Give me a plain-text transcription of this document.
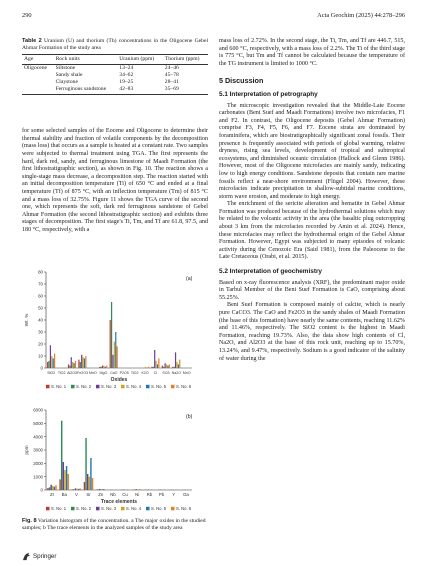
290	Acta Geochim (2025) 44:278–296
Table 2 Uranium (U) and thorium (Th) concentrations in the Oligocene Gebel Ahmar Formation of the study area
Age	Rock units	Uranium (ppm)	Thorium (ppm)
Oligocene	Siltstone	13–24	24–46
	Sandy shale	34–62	45–78
	Claystone	19–25	28–41
	Ferruginous sandstone	42–83	35–69

for some selected samples of the Eocene and Oligocene to determine their thermal stability and fraction of volatile components by the decomposition (mass loss) that occurs as a sample is heated at a constant rate. Two samples were subjected to thermal treatment using TGA. The first represents the hard, dark red, sandy, and ferruginous limestone of Maadi Formation (the first lithostratigraphic section), as shown in Fig. 10. The reaction shows a single-stage mass decrease, a decomposition step. The reaction started with an initial decomposition temperature (Ti) of 650 °C and ended at a final temperature (Tf) of 875 °C, with an inflection temperature (Tm) of 815 °C and a mass loss of 32.75%. Figure 11 shows the TGA curve of the second one, which represents the soft, dark red ferruginous sandstone of Gebel Ahmar Formation (the second lithostratigraphic section) and exhibits three stages of decomposition. The first stage's Ti, Tm, and Tf are 61.8, 97.5, and 180 °C, respectively, with a

0
10
20
30
40
50
60
70
80
Wt. %
(a)
SiO2 TiO2 Al2O3 Fe2O3 MnO MgO CaO P2O5 TiO2 K2O Cl SO3 Na2O MnO
Oxides
S. No. 1 S. No. 2 S. No. 3 S. No. 4 S. No. 5 S. No. 6
0
1000
2000
3000
4000
5000
6000
ppm
(b)
Zr Ba V Sr Zn Nb Cu Ni Rb Pb Y Ga
Trace elements
S. No. 1 S. No. 2 S. No. 3 S. No. 4 S. No. 5 S. No. 6
Fig. 8 Variation histogram of the concentration. a The major oxides in the studied samples; b The trace elements in the analyzed samples of the study area
Springer

mass loss of 2.72%. In the second stage, the Ti, Tm, and Tf are 446.7, 515, and 600 °C, respectively, with a mass loss of 2.2%. The Ti of the third stage is 775 °C, but Tm and Tf cannot be calculated because the temperature of the TG instrument is limited to 1000 °C.

5 Discussion
5.1 Interpretation of petrography

The microscopic investigation revealed that the Middle-Late Eocene carbonates (Beni Suef and Maadi Formations) involve two microfacies, F1 and F2. In contrast, the Oligocene deposits (Gebel Ahmar Formation) comprise F3, F4, F5, F6, and F7. Eocene strata are dominated by foraminifera, which are biostratigraphically significant zonal fossils. Their presence is frequently associated with periods of global warming, relative dryness, rising sea levels, development of tropical and subtropical ecosystems, and diminished oceanic circulation (Hallock and Glenn 1986). However, most of the Oligocene microfacies are mainly sandy, indicating low to high energy conditions. Sandstone deposits that contain rare marine fossils reflect a near-shore environment (Flügel 2004). However, these microfacies indicate precipitation in shallow-subtidal marine conditions, storm wave erosion, and moderate to high energy.

The enrichment of the sericite alteration and hematite in Gebel Ahmar Formation was produced because of the hydrothermal solutions which may be related to the volcanic activity in the area (the basaltic plug outcropping about 3 km from the microfacies recorded by Amin et al. 2024). Hence, these microfacies may reflect the hydrothermal origin of the Gebel Ahmar Formation. However, Egypt was subjected to many episodes of volcanic activity during the Cenozoic Era (Said 1981), from the Paleocene to the Late Cretaceous (Orabi, et al. 2015).

5.2 Interpretation of geochemistry

Based on x-ray fluorescence analysis (XRF), the predominant major oxide in Tarbul Member of the Beni Suef Formation is CaO, comprising about 55.25%.

Beni Suef Formation is composed mainly of calcite, which is nearly pure CaCO3. The CaO and Fe2O3 in the sandy shales of Maadi Formation (the base of this formation) have nearly the same contents, reaching 11.62% and 11.46%, respectively. The SiO2 content is the highest in Maadi Formation, reaching 19.73%. Also, the data show high contents of Cl, Na2O, and Al2O3 at the base of this rock unit, reaching up to 15.70%, 13.24%, and 9.47%, respectively. Sodium is a good indicator of the salinity of water during the
